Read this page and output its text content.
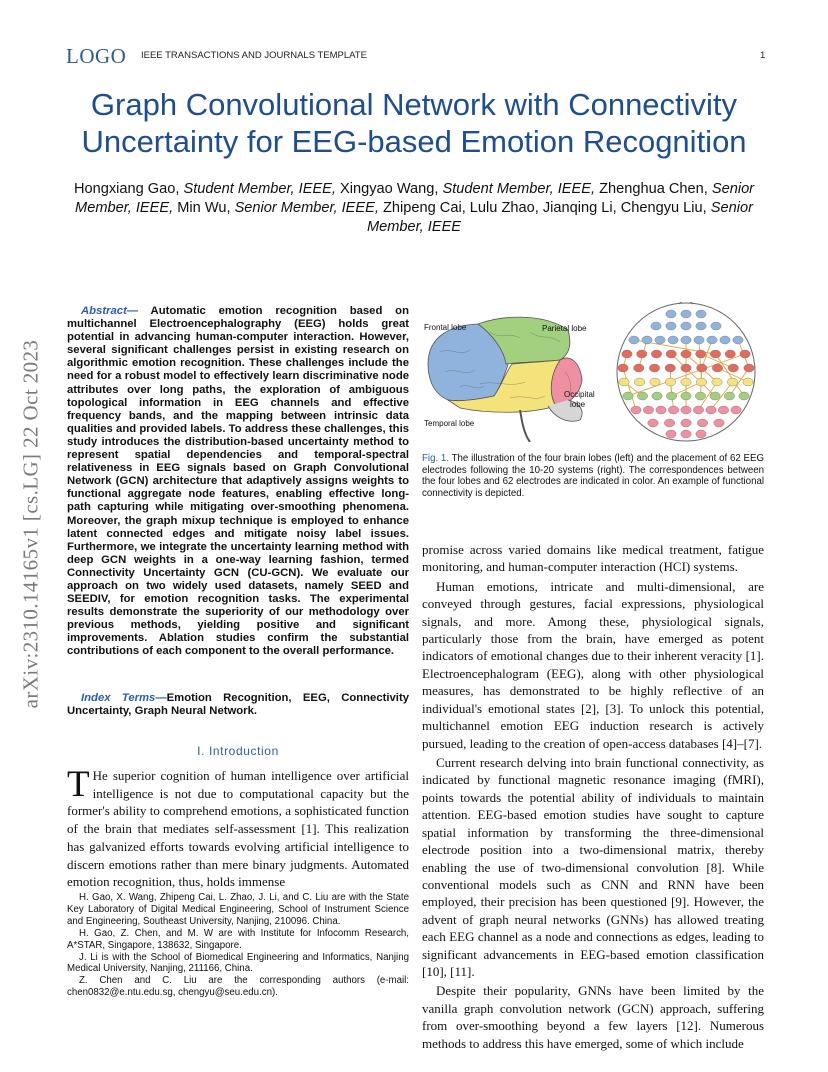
arXiv:2310.14165v1 [cs.LG] 22 Oct 2023
LOGO IEEE TRANSACTIONS AND JOURNALS TEMPLATE	1
Graph Convolutional Network with Connectivity Uncertainty for EEG-based Emotion Recognition
Hongxiang Gao, Student Member, IEEE, Xingyao Wang, Student Member, IEEE, Zhenghua Chen, Senior Member, IEEE, Min Wu, Senior Member, IEEE, Zhipeng Cai, Lulu Zhao, Jianqing Li, Chengyu Liu, Senior Member, IEEE

Abstract— Automatic emotion recognition based on multichannel Electroencephalography (EEG) holds great potential in advancing human-computer interaction. However, several significant challenges persist in existing research on algorithmic emotion recognition. These challenges include the need for a robust model to effectively learn discriminative node attributes over long paths, the exploration of ambiguous topological information in EEG channels and effective frequency bands, and the mapping between intrinsic data qualities and provided labels. To address these challenges, this study introduces the distribution-based uncertainty method to represent spatial dependencies and temporal-spectral relativeness in EEG signals based on Graph Convolutional Network (GCN) architecture that adaptively assigns weights to functional aggregate node features, enabling effective long-path capturing while mitigating over-smoothing phenomena. Moreover, the graph mixup technique is employed to enhance latent connected edges and mitigate noisy label issues. Furthermore, we integrate the uncertainty learning method with deep GCN weights in a one-way learning fashion, termed Connectivity Uncertainty GCN (CU-GCN). We evaluate our approach on two widely used datasets, namely SEED and SEEDIV, for emotion recognition tasks. The experimental results demonstrate the superiority of our methodology over previous methods, yielding positive and significant improvements. Ablation studies confirm the substantial contributions of each component to the overall performance.

Index Terms—Emotion Recognition, EEG, Connectivity Uncertainty, Graph Neural Network.

I. Introduction

T He superior cognition of human intelligence over artificial intelligence is not due to computational capacity but the former's ability to comprehend emotions, a sophisticated function of the brain that mediates self-assessment [1]. This realization has galvanized efforts towards evolving artificial intelligence to discern emotions rather than mere binary judgments. Automated emotion recognition, thus, holds immense

H. Gao, X. Wang, Zhipeng Cai, L. Zhao, J. Li, and C. Liu are with the State Key Laboratory of Digital Medical Engineering, School of Instrument Science and Engineering, Southeast University, Nanjing, 210096. China.

H. Gao, Z. Chen, and M. W are with Institute for Infocomm Research, A*STAR, Singapore, 138632, Singapore.

J. Li is with the School of Biomedical Engineering and Informatics, Nanjing Medical University, Nanjing, 211166, China.

Z. Chen and C. Liu are the corresponding authors (e-mail: chen0832@e.ntu.edu.sg, chengyu@seu.edu.cn).

Frontal lobe	Parietal lobe
Occipital
lobe
Temporal lobe

Fig. 1. The illustration of the four brain lobes (left) and the placement of 62 EEG electrodes following the 10-20 systems (right). The correspondences between the four lobes and 62 electrodes are indicated in color. An example of functional connectivity is depicted.

promise across varied domains like medical treatment, fatigue monitoring, and human-computer interaction (HCI) systems.

Human emotions, intricate and multi-dimensional, are conveyed through gestures, facial expressions, physiological signals, and more. Among these, physiological signals, particularly those from the brain, have emerged as potent indicators of emotional changes due to their inherent veracity [1]. Electroencephalogram (EEG), along with other physiological measures, has demonstrated to be highly reflective of an individual's emotional states [2], [3]. To unlock this potential, multichannel emotion EEG induction research is actively pursued, leading to the creation of open-access databases [4]–[7].

Current research delving into brain functional connectivity, as indicated by functional magnetic resonance imaging (fMRI), points towards the potential ability of individuals to maintain attention. EEG-based emotion studies have sought to capture spatial information by transforming the three-dimensional electrode position into a two-dimensional matrix, thereby enabling the use of two-dimensional convolution [8]. While conventional models such as CNN and RNN have been employed, their precision has been questioned [9]. However, the advent of graph neural networks (GNNs) has allowed treating each EEG channel as a node and connections as edges, leading to significant advancements in EEG-based emotion classification [10], [11].

Despite their popularity, GNNs have been limited by the vanilla graph convolution network (GCN) approach, suffering from over-smoothing beyond a few layers [12]. Numerous methods to address this have emerged, some of which include
